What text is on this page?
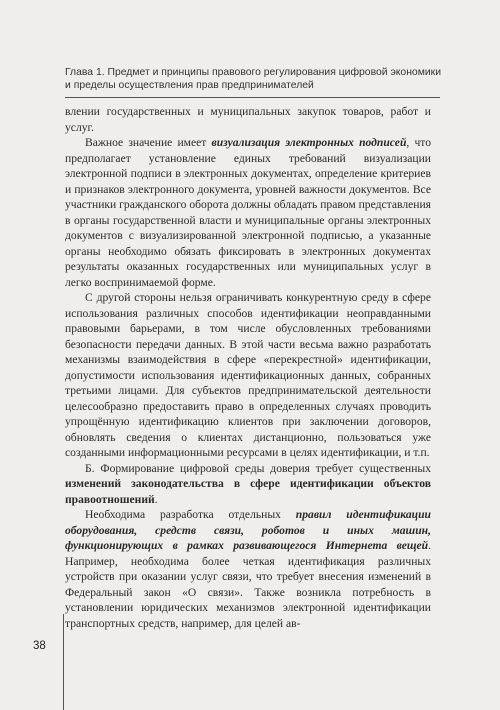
Глава 1. Предмет и принципы правового регулирования цифровой экономики
и пределы осуществления прав предпринимателей

влении государственных и муниципальных закупок товаров, работ и услуг.

Важное значение имеет визуализация электронных подписей, что предполагает установление единых требований визуализации электронной подписи в электронных документах, определение критериев и признаков электронного документа, уровней важности документов. Все участники гражданского оборота должны обладать правом представления в органы государственной власти и муниципальные органы электронных документов с визуализированной электронной подписью, а указанные органы необходимо обязать фиксировать в электронных документах результаты оказанных государственных или муниципальных услуг в легко воспринимаемой форме.

С другой стороны нельзя ограничивать конкурентную среду в сфере использования различных способов идентификации неоправданными правовыми барьерами, в том числе обусловленных требованиями безопасности передачи данных. В этой части весьма важно разработать механизмы взаимодействия в сфере «перекрестной» идентификации, допустимости использования идентификационных данных, собранных третьими лицами. Для субъектов предпринимательской деятельности целесообразно предоставить право в определенных случаях проводить упрощённую идентификацию клиентов при заключении договоров, обновлять сведения о клиентах дистанционно, пользоваться уже созданными информационными ресурсами в целях идентификации, и т.п.

Б. Формирование цифровой среды доверия требует существенных изменений законодательства в сфере идентификации объектов правоотношений.

Необходима разработка отдельных правил идентификации оборудования, средств связи, роботов и иных машин, функционирующих в рамках развивающегося Интернета вещей. Например, необходима более четкая идентификация различных устройств при оказании услуг связи, что требует внесения изменений в Федеральный закон «О связи». Также возникла потребность в установлении юридических механизмов электронной идентификации транспортных средств, например, для целей ав-

38
